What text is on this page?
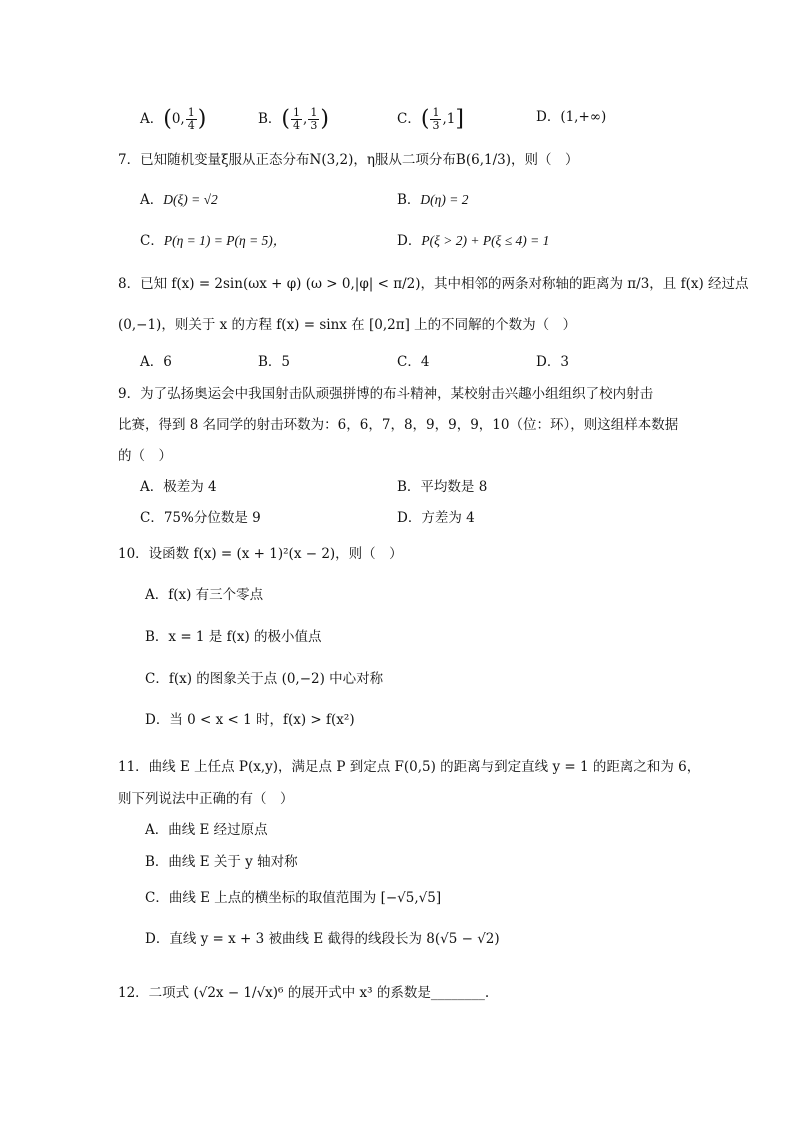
A．(0, $\frac{1}{4}$ )	B．( $\frac{1}{4}$ , $\frac{1}{3}$ )	C．( $\frac{1}{3} ,1$]	D．(1,+∞)
7．已知随机变量ξ服从正态分布N(3,2)，η服从二项分布B(6,1/3)，则（　）
A．D(ξ) = √2	B．D(η) = 2
C．P(η = 1) = P(η = 5)，	D．P(ξ > 2) + P(ξ ≤ 4) = 1
8．已知 f(x) = 2sin(ωx + φ) (ω > 0,|φ| < π/2)，其中相邻的两条对称轴的距离为 π/3，且 f(x) 经过点
(0,−1)，则关于 x 的方程 f(x) = sinx 在 [0,2π] 上的不同解的个数为（　）
A．6	B．5	C．4	D．3
9．为了弘扬奥运会中我国射击队顽强拼博的布斗精神，某校射击兴趣小组组织了校内射击
比赛，得到 8 名同学的射击环数为：6，6，7，8，9，9，9，10（位：环），则这组样本数据
的（　）
A．极差为 4	B．平均数是 8
C．75%分位数是 9	D．方差为 4
10．设函数 f(x) = (x + 1)²(x − 2)，则（　）
A．f(x) 有三个零点
B．x = 1 是 f(x) 的极小值点
C．f(x) 的图象关于点 (0,−2) 中心对称
D．当 0 < x < 1 时，f(x) > f(x²)
11．曲线 E 上任点 P(x,y)，满足点 P 到定点 F(0,5) 的距离与到定直线 y = 1 的距离之和为 6，
则下列说法中正确的有（　）
A．曲线 E 经过原点
B．曲线 E 关于 y 轴对称
C．曲线 E 上点的横坐标的取值范围为 [−√5,√5]
D．直线 y = x + 3 被曲线 E 截得的线段长为 8(√5 − √2)
12．二项式 (√2x − 1/√x)⁶ 的展开式中 x³ 的系数是________.
